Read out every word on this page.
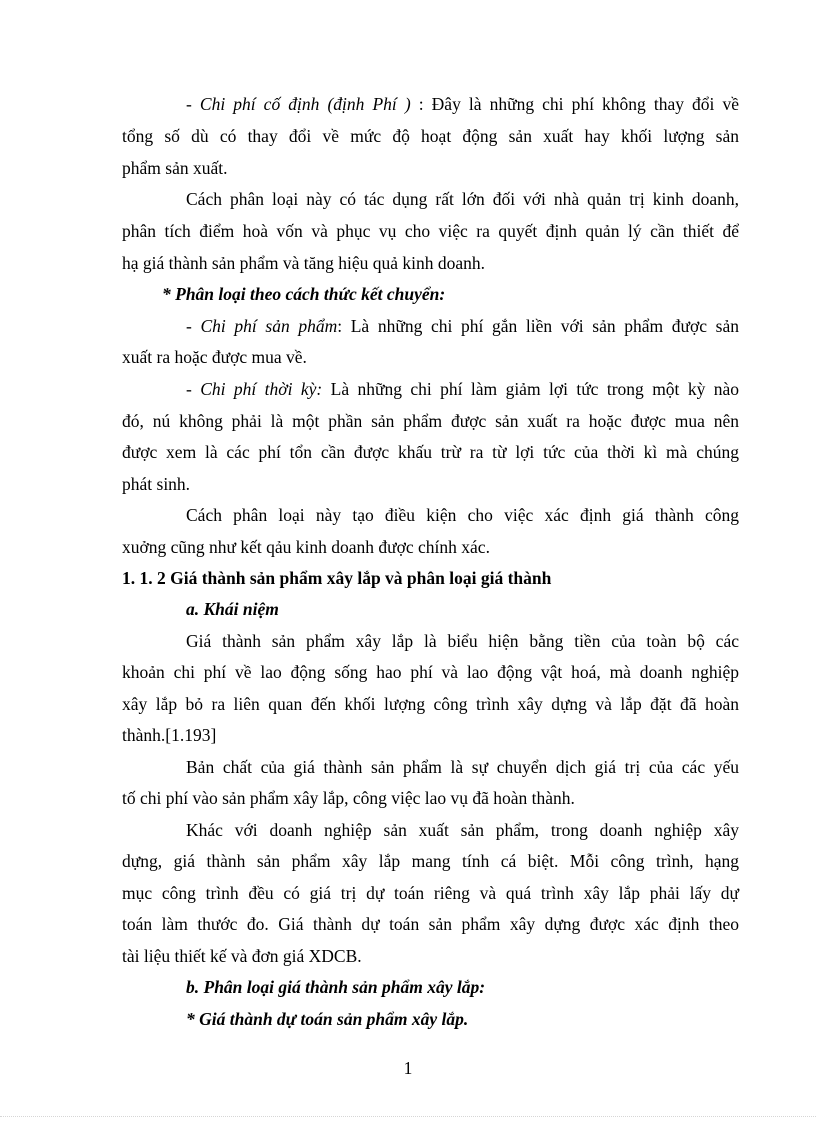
- Chi phí cố định (định Phí ) : Đây là những chi phí không thay đổi về
tổng số dù có thay đổi về mức độ hoạt động sản xuất hay khối lượng sản
phẩm sản xuất.
Cách phân loại này có tác dụng rất lớn đối với nhà quản trị kinh doanh,
phân tích điểm hoà vốn và phục vụ cho việc ra quyết định quản lý cần thiết để
hạ giá thành sản phẩm và tăng hiệu quả kinh doanh.
* Phân loại theo cách thức kết chuyển:
- Chi phí sản phẩm: Là những chi phí gắn liền với sản phẩm được sản
xuất ra hoặc được mua về.
- Chi phí thời kỳ: Là những chi phí làm giảm lợi tức trong một kỳ nào
đó, nú không phải là một phần sản phẩm được sản xuất ra hoặc được mua nên
được xem là các phí tổn cần được khấu trừ ra từ lợi tức của thời kì mà chúng
phát sinh.
Cách phân loại này tạo điều kiện cho việc xác định giá thành công
xuởng cũng như kết qảu kinh doanh được chính xác.
1. 1. 2 Giá thành sản phẩm xây lắp và phân loại giá thành
a. Khái niệm
Giá thành sản phẩm xây lắp là biểu hiện bằng tiền của toàn bộ các
khoản chi phí về lao động sống hao phí và lao động vật hoá, mà doanh nghiệp
xây lắp bỏ ra liên quan đến khối lượng công trình xây dựng và lắp đặt đã hoàn
thành.[1.193]
Bản chất của giá thành sản phẩm là sự chuyển dịch giá trị của các yếu
tố chi phí vào sản phẩm xây lắp, công việc lao vụ đã hoàn thành.
Khác với doanh nghiệp sản xuất sản phẩm, trong doanh nghiệp xây
dựng, giá thành sản phẩm xây lắp mang tính cá biệt. Mỗi công trình, hạng
mục công trình đều có giá trị dự toán riêng và quá trình xây lắp phải lấy dự
toán làm thước đo. Giá thành dự toán sản phẩm xây dựng được xác định theo
tài liệu thiết kế và đơn giá XDCB.
b. Phân loại giá thành sản phẩm xây lắp:
* Giá thành dự toán sản phẩm xây lắp.
1
